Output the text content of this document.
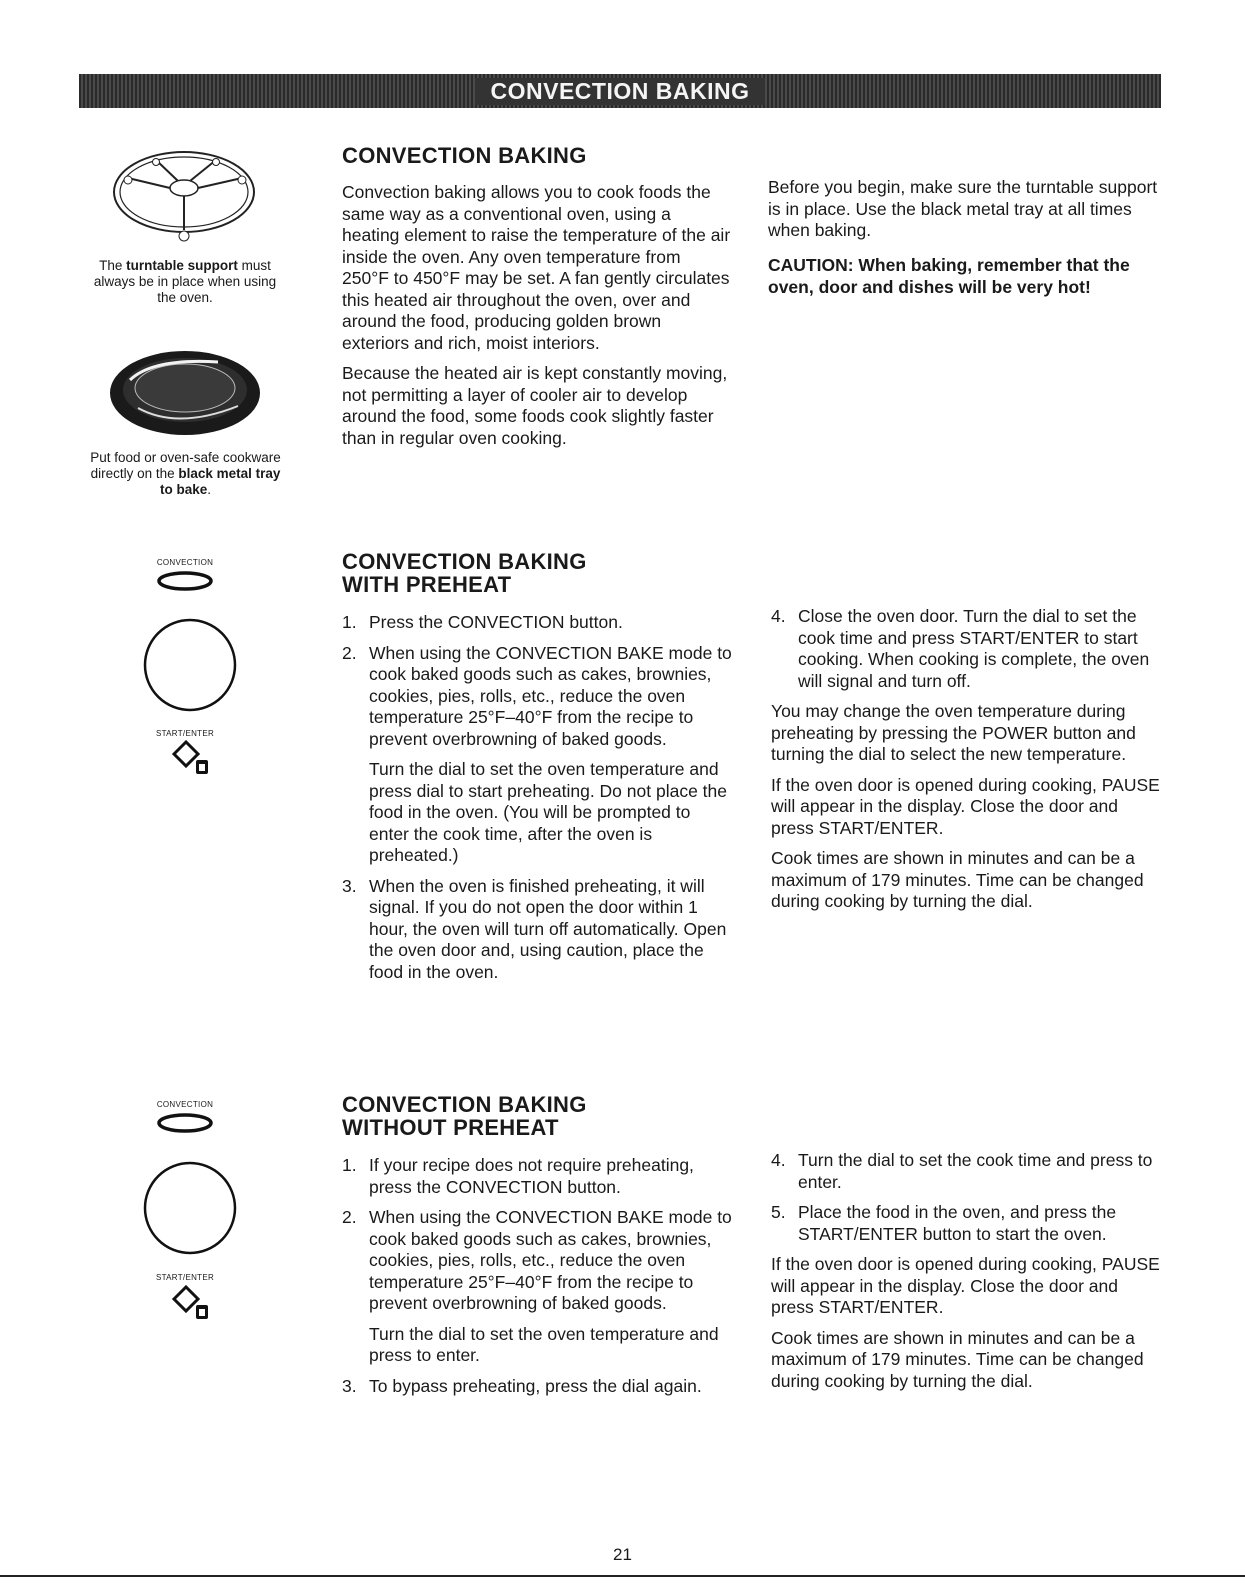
CONVECTION BAKING

The turntable support must always be in place when using the oven.

Put food or oven-safe cookware directly on the black metal tray to bake.

CONVECTION BAKING

Convection baking allows you to cook foods the same way as a conventional oven, using a heating element to raise the temperature of the air inside the oven. Any oven temperature from 250°F to 450°F may be set. A fan gently circulates this heated air throughout the oven, over and around the food, producing golden brown exteriors and rich, moist interiors.

Because the heated air is kept constantly moving, not permitting a layer of cooler air to develop around the food, some foods cook slightly faster than in regular oven cooking.

Before you begin, make sure the turntable support is in place. Use the black metal tray at all times when baking.

CAUTION: When baking, remember that the oven, door and dishes will be very hot!

CONVECTION
START/ENTER
CONVECTION BAKING
WITH PREHEAT
1. Press the CONVECTION button.

2. When using the CONVECTION BAKE mode to cook baked goods such as cakes, brownies, cookies, pies, rolls, etc., reduce the oven temperature 25°F–40°F from the recipe to prevent overbrowning of baked goods.

Turn the dial to set the oven temperature and press dial to start preheating. Do not place the food in the oven. (You will be prompted to enter the cook time, after the oven is preheated.)

3. When the oven is finished preheating, it will signal. If you do not open the door within 1 hour, the oven will turn off automatically. Open the oven door and, using caution, place the food in the oven.

4. Close the oven door. Turn the dial to set the cook time and press START/ENTER to start cooking. When cooking is complete, the oven will signal and turn off.

You may change the oven temperature during preheating by pressing the POWER button and turning the dial to select the new temperature.

If the oven door is opened during cooking, PAUSE will appear in the display. Close the door and press START/ENTER.

Cook times are shown in minutes and can be a maximum of 179 minutes. Time can be changed during cooking by turning the dial.

CONVECTION
START/ENTER
CONVECTION BAKING
WITHOUT PREHEAT
1. If your recipe does not require preheating, press the CONVECTION button.

2. When using the CONVECTION BAKE mode to cook baked goods such as cakes, brownies, cookies, pies, rolls, etc., reduce the oven temperature 25°F–40°F from the recipe to prevent overbrowning of baked goods.

Turn the dial to set the oven temperature and press to enter.

3. To bypass preheating, press the dial again.

4. Turn the dial to set the cook time and press to enter.

5. Place the food in the oven, and press the START/ENTER button to start the oven.

If the oven door is opened during cooking, PAUSE will appear in the display. Close the door and press START/ENTER.

Cook times are shown in minutes and can be a maximum of 179 minutes. Time can be changed during cooking by turning the dial.

21
